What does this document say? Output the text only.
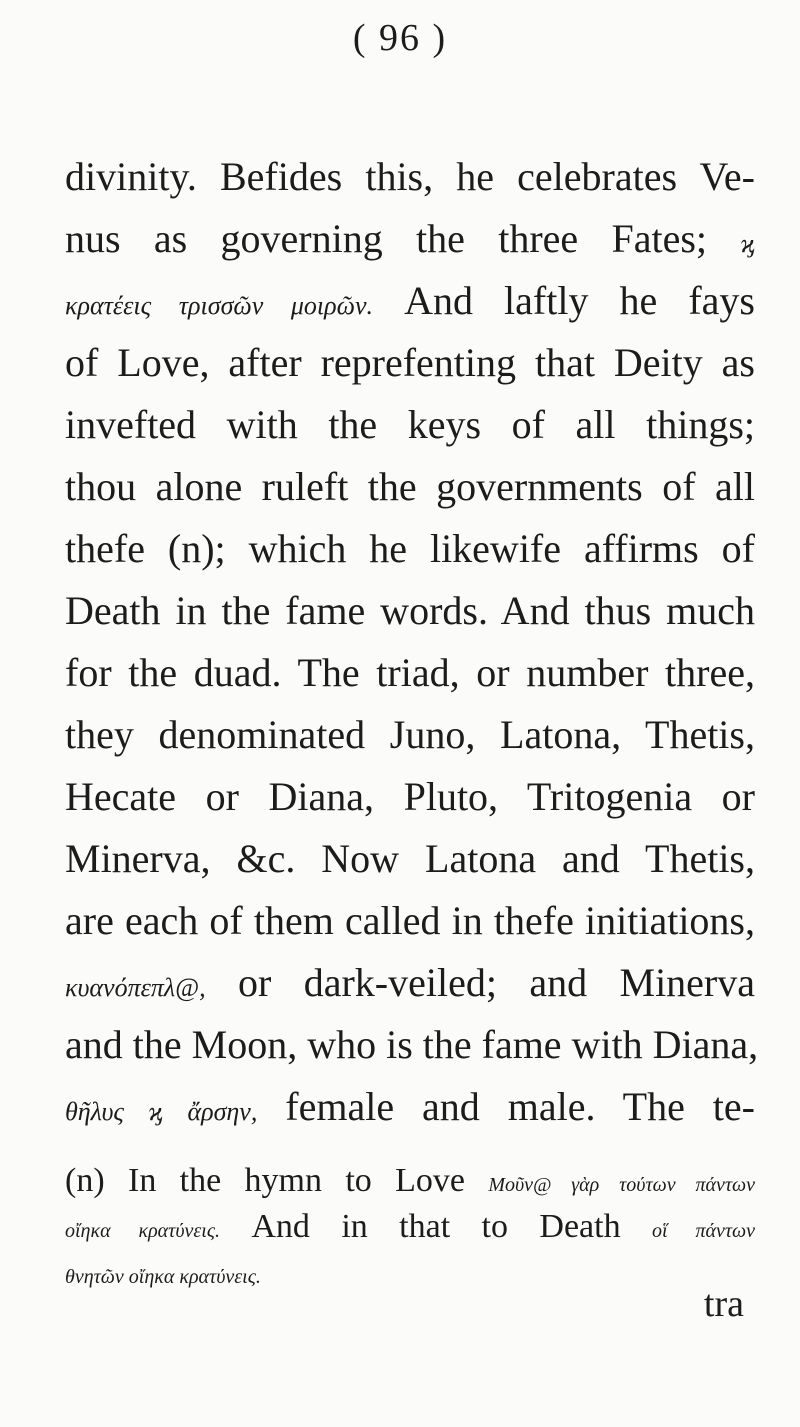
( 96 )
divinity. Befides this, he celebrates Ve-
nus as governing the three Fates; ϗ
κρατέεις τρισσῶν μοιρῶν. And laftly he fays
of Love, after reprefenting that Deity as
invefted with the keys of all things;
thou alone ruleft the governments of all
thefe (n); which he likewife affirms of
Death in the fame words. And thus much
for the duad. The triad, or number three,
they denominated Juno, Latona, Thetis,
Hecate or Diana, Pluto, Tritogenia or
Minerva, &c. Now Latona and Thetis,
are each of them called in thefe initiations,
κυανόπεπλ@, or dark-veiled; and Minerva
and the Moon, who is the fame with Diana,
θῆλυς ϗ ἄρσην, female and male. The te-
(n) In the hymn to Love Μοῦν@ γὰρ τούτων πάντων
οἴηκα κρατύνεις. And in that to Death οἵ πάντων
θνητῶν οἴηκα κρατύνεις.
tra
